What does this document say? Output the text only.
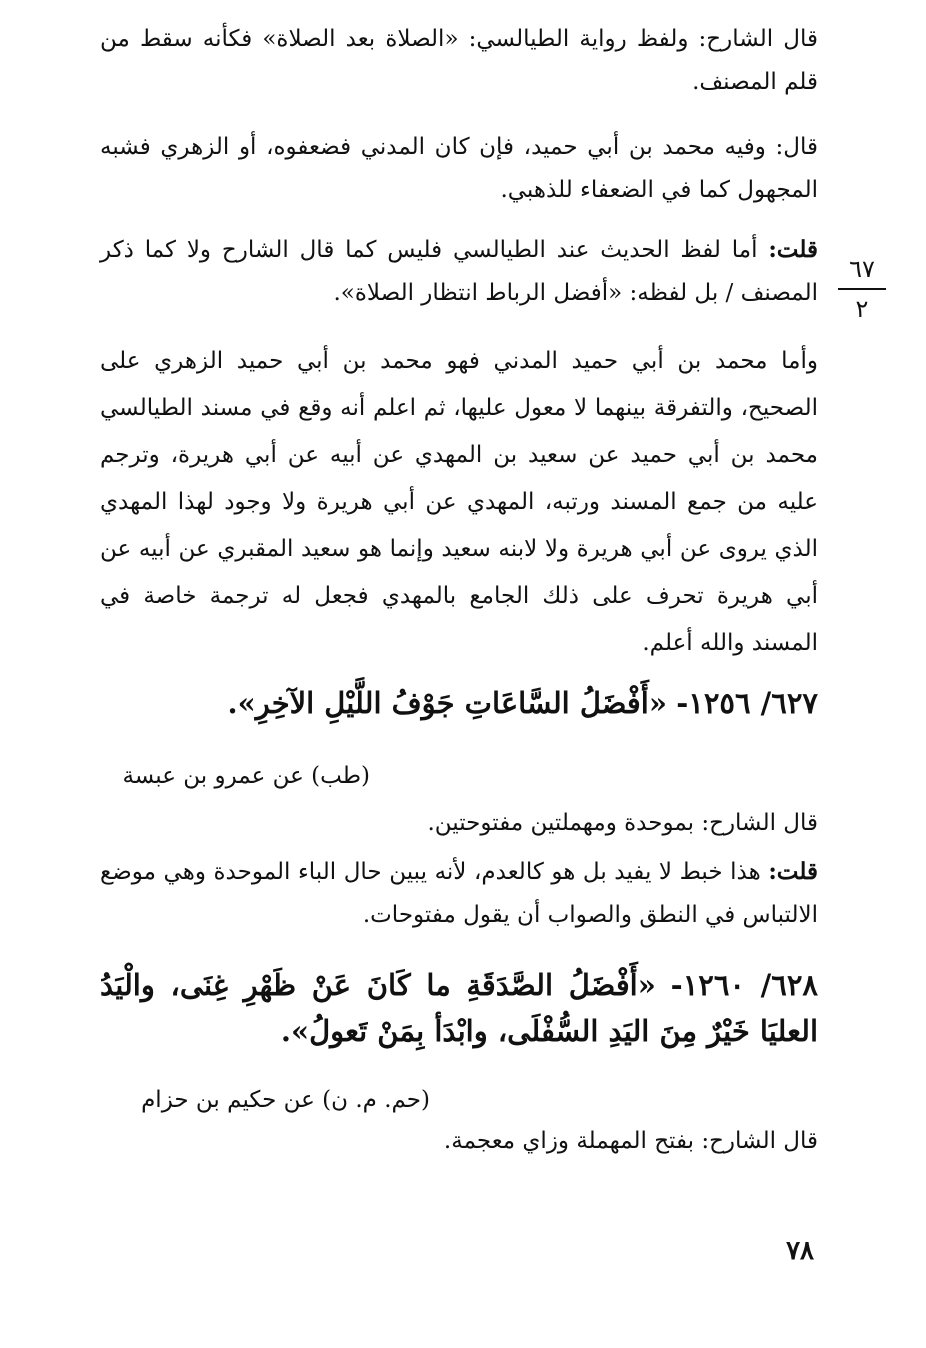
قال الشارح: ولفظ رواية الطيالسي: «الصلاة بعد الصلاة» فكأنه سقط من قلم المصنف.

قال: وفيه محمد بن أبي حميد، فإن كان المدني فضعفوه، أو الزهري فشبه المجهول كما في الضعفاء للذهبي.

قلت: أما لفظ الحديث عند الطيالسي فليس كما قال الشارح ولا كما ذكر المصنف / بل لفظه: «أفضل الرباط انتظار الصلاة».

٦٧
٢

وأما محمد بن أبي حميد المدني فهو محمد بن أبي حميد الزهري على الصحيح، والتفرقة بينهما لا معول عليها، ثم اعلم أنه وقع في مسند الطيالسي محمد بن أبي حميد عن سعيد بن المهدي عن أبيه عن أبي هريرة، وترجم عليه من جمع المسند ورتبه، المهدي عن أبي هريرة ولا وجود لهذا المهدي الذي يروى عن أبي هريرة ولا لابنه سعيد وإنما هو سعيد المقبري عن أبيه عن أبي هريرة تحرف على ذلك الجامع بالمهدي فجعل له ترجمة خاصة في المسند والله أعلم.

٦٢٧/ ١٢٥٦- «أَفْضَلُ السَّاعَاتِ جَوْفُ اللَّيْلِ الآخِرِ».

(طب) عن عمرو بن عبسة

قال الشارح: بموحدة ومهملتين مفتوحتين.

قلت: هذا خبط لا يفيد بل هو كالعدم، لأنه يبين حال الباء الموحدة وهي موضع الالتباس في النطق والصواب أن يقول مفتوحات.

٦٢٨/ ١٢٦٠- «أَفْضَلُ الصَّدَقَةِ ما كَانَ عَنْ ظَهْرِ غِنَى، والْيَدُ العليَا خَيْرٌ مِنَ اليَدِ السُّفْلَى، وابْدَأ بِمَنْ تَعولُ».

(حم. م. ن) عن حكيم بن حزام

قال الشارح: بفتح المهملة وزاي معجمة.

٧٨
